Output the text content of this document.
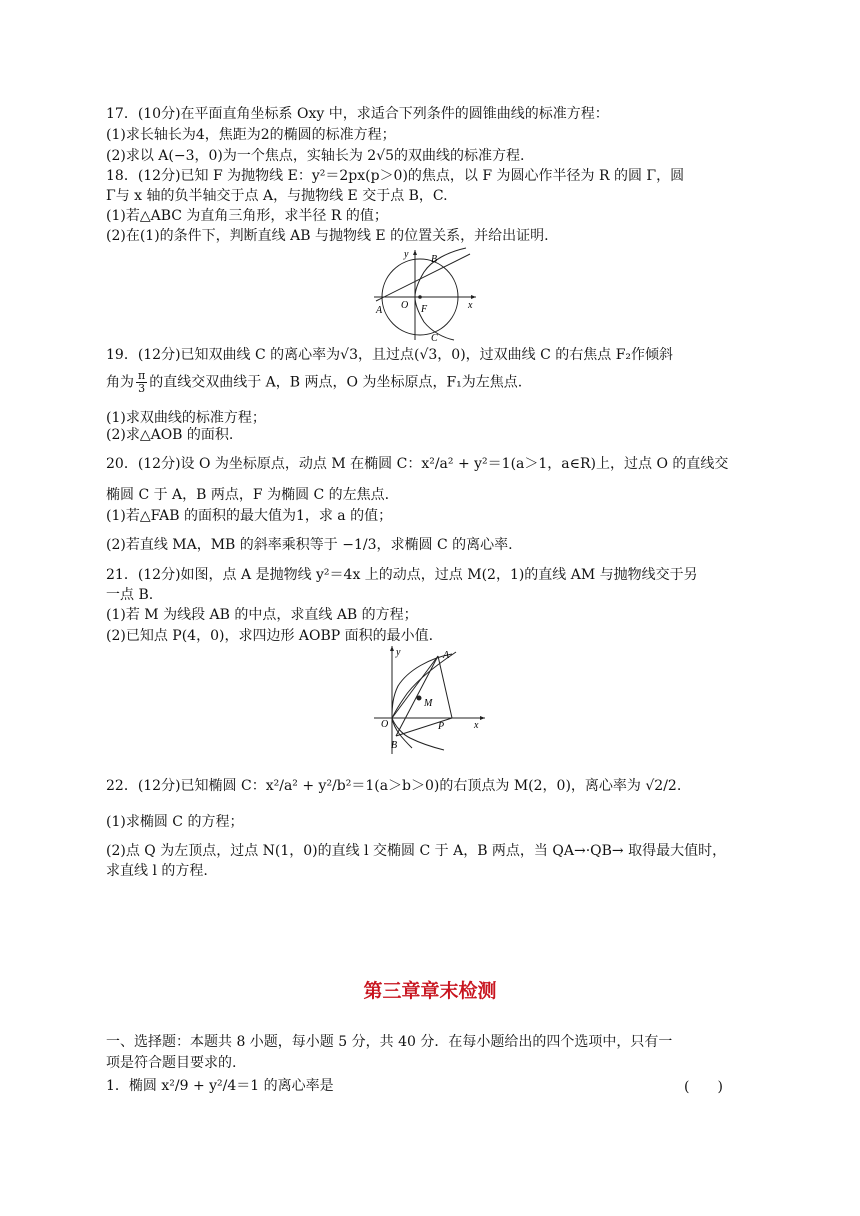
17．(10分)在平面直角坐标系 Oxy 中，求适合下列条件的圆锥曲线的标准方程：
(1)求长轴长为4，焦距为2的椭圆的标准方程；
(2)求以 A(−3，0)为一个焦点，实轴长为 2√5的双曲线的标准方程.
18．(12分)已知 F 为抛物线 E：y²＝2px(p＞0)的焦点，以 F 为圆心作半径为 R 的圆 Γ，圆
Γ与 x 轴的负半轴交于点 A，与抛物线 E 交于点 B，C.
(1)若△ABC 为直角三角形，求半径 R 的值；
(2)在(1)的条件下，判断直线 AB 与抛物线 E 的位置关系，并给出证明.
y
x
B
A O F
C
19．(12分)已知双曲线 C 的离心率为√3，且过点(√3，0)，过双曲线 C 的右焦点 F₂作倾斜
角为 $\frac{\pi}{3}$ 的直线交双曲线于 A，B 两点，O 为坐标原点，F₁为左焦点.
(1)求双曲线的标准方程；
(2)求△AOB 的面积.
20．(12分)设 O 为坐标原点，动点 M 在椭圆 C：x²/a² + y²＝1(a＞1，a∈R)上，过点 O 的直线交
椭圆 C 于 A，B 两点，F 为椭圆 C 的左焦点.
(1)若△FAB 的面积的最大值为1，求 a 的值；
(2)若直线 MA，MB 的斜率乘积等于 −1/3，求椭圆 C 的离心率.
21．(12分)如图，点 A 是抛物线 y²＝4x 上的动点，过点 M(2，1)的直线 AM 与抛物线交于另
一点 B.
(1)若 M 为线段 AB 的中点，求直线 AB 的方程；
(2)已知点 P(4，0)，求四边形 AOBP 面积的最小值.
y
x
A
M
O	P
B
22．(12分)已知椭圆 C：x²/a² + y²/b²＝1(a＞b＞0)的右顶点为 M(2，0)，离心率为 √2/2.
(1)求椭圆 C 的方程；
(2)点 Q 为左顶点，过点 N(1，0)的直线 l 交椭圆 C 于 A，B 两点，当 QA→·QB→ 取得最大值时，
求直线 l 的方程.
第三章章末检测
一、选择题：本题共 8 小题，每小题 5 分，共 40 分．在每小题给出的四个选项中，只有一
项是符合题目要求的.
1．椭圆 x²/9 + y²/4＝1 的离心率是	(　　)
